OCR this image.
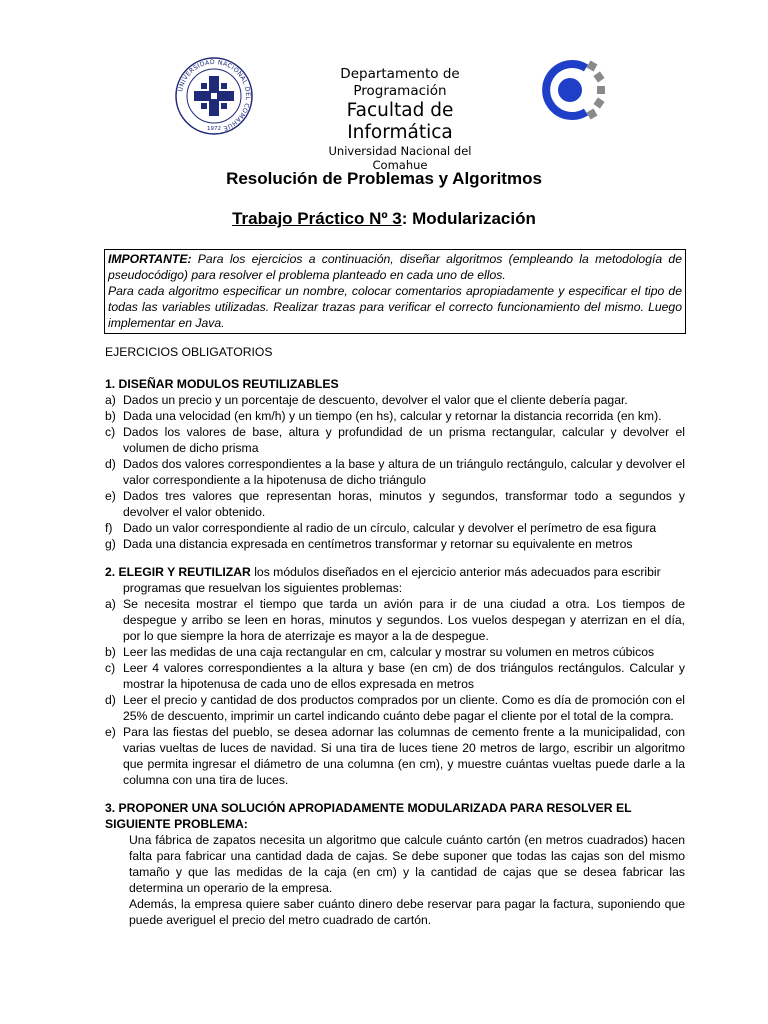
UNIVERSIDAD NACIONAL DEL COMAHUE
1972
Departamento de Programación
Facultad de Informática
Universidad Nacional del Comahue
Resolución de Problemas y Algoritmos
Trabajo Práctico Nº 3: Modularización
IMPORTANTE: Para los ejercicios a continuación, diseñar algoritmos (empleando la metodología de pseudocódigo) para resolver el problema planteado en cada uno de ellos.
Para cada algoritmo especificar un nombre, colocar comentarios apropiadamente y especificar el tipo de todas las variables utilizadas. Realizar trazas para verificar el correcto funcionamiento del mismo. Luego implementar en Java.
EJERCICIOS OBLIGATORIOS
1. DISEÑAR MODULOS REUTILIZABLES
a) Dados un precio y un porcentaje de descuento, devolver el valor que el cliente debería pagar.
b) Dada una velocidad (en km/h) y un tiempo (en hs), calcular y retornar la distancia recorrida (en km).
c) Dados los valores de base, altura y profundidad de un prisma rectangular, calcular y devolver el volumen de dicho prisma
d) Dados dos valores correspondientes a la base y altura de un triángulo rectángulo, calcular y devolver el valor correspondiente a la hipotenusa de dicho triángulo
e) Dados tres valores que representan horas, minutos y segundos, transformar todo a segundos y devolver el valor obtenido.
f) Dado un valor correspondiente al radio de un círculo, calcular y devolver el perímetro de esa figura
g) Dada una distancia expresada en centímetros transformar y retornar su equivalente en metros
2. ELEGIR Y REUTILIZAR los módulos diseñados en el ejercicio anterior más adecuados para escribir
programas que resuelvan los siguientes problemas:
a) Se necesita mostrar el tiempo que tarda un avión para ir de una ciudad a otra. Los tiempos de despegue y arribo se leen en horas, minutos y segundos. Los vuelos despegan y aterrizan en el día, por lo que siempre la hora de aterrizaje es mayor a la de despegue.
b) Leer las medidas de una caja rectangular en cm, calcular y mostrar su volumen en metros cúbicos
c) Leer 4 valores correspondientes a la altura y base (en cm) de dos triángulos rectángulos. Calcular y mostrar la hipotenusa de cada uno de ellos expresada en metros
d) Leer el precio y cantidad de dos productos comprados por un cliente. Como es día de promoción con el 25% de descuento, imprimir un cartel indicando cuánto debe pagar el cliente por el total de la compra.
e) Para las fiestas del pueblo, se desea adornar las columnas de cemento frente a la municipalidad, con varias vueltas de luces de navidad. Si una tira de luces tiene 20 metros de largo, escribir un algoritmo que permita ingresar el diámetro de una columna (en cm), y muestre cuántas vueltas puede darle a la columna con una tira de luces.
3. PROPONER UNA SOLUCIÓN APROPIADAMENTE MODULARIZADA PARA RESOLVER EL
SIGUIENTE PROBLEMA:
Una fábrica de zapatos necesita un algoritmo que calcule cuánto cartón (en metros cuadrados) hacen falta para fabricar una cantidad dada de cajas. Se debe suponer que todas las cajas son del mismo tamaño y que las medidas de la caja (en cm) y la cantidad de cajas que se desea fabricar las determina un operario de la empresa.
Además, la empresa quiere saber cuánto dinero debe reservar para pagar la factura, suponiendo que puede averiguel el precio del metro cuadrado de cartón.
